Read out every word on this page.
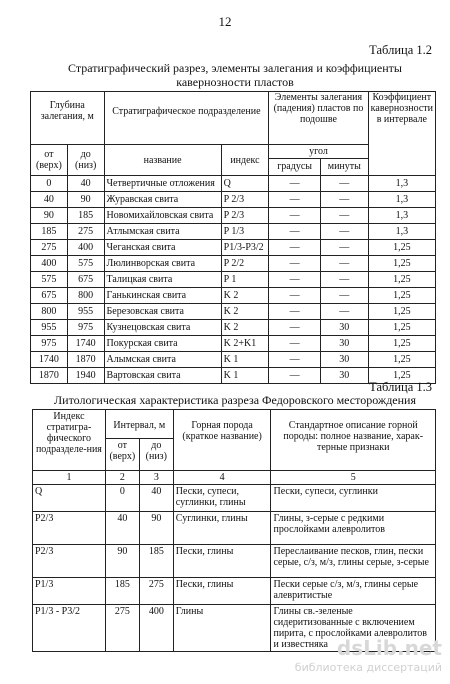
12
Таблица 1.2
Стратиграфический разрез, элементы залегания и коэффициенты
кавернозности пластов
Глубина залегания, м		Стратиграфическое подразделение		Элементы залегания (падения) пластов по подошве		Коэффициент кавернозности в интервале
от (верх)	до (низ)	название	индекс	угол		
				градусы	минуты	
0	40	Четвертичные отложения	Q	—	—	1,3
40	90	Журавская свита	P 2/3	—	—	1,3
90	185	Новомихайловская свита	P 2/3	—	—	1,3
185	275	Атлымская свита	P 1/3	—	—	1,3
275	400	Чеганская свита	P1/3-P3/2	—	—	1,25
400	575	Люлинворская свита	P 2/2	—	—	1,25
575	675	Талицкая свита	P 1	—	—	1,25
675	800	Ганькинская свита	K 2	—	—	1,25
800	955	Березовская свита	K 2	—	—	1,25
955	975	Кузнецовская свита	K 2	—	30	1,25
975	1740	Покурская свита	K 2+K1	—	30	1,25
1740	1870	Алымская свита	K 1	—	30	1,25
1870	1940	Вартовская свита	K 1	—	30	1,25
Таблица 1.3
Литологическая характеристика разреза Федоровского месторождения
Индекс стратигра-фического подразделе-ния	Интервал, м		Горная порода (краткое название)	Стандартное описание горной породы: полное название, харак-терные признаки
	от (верх)	до (низ)		
1	2	3	4	5
Q	0	40	Пески, супеси, суглинки, глины	Пески, супеси, суглинки
P2/3	40	90	Суглинки, глины	Глины, з-серые с редкими прослойками алевролитов
P2/3	90	185	Пески, глины	Переслаивание песков, глин, пески серые, с/з, м/з, глины серые, з-серые
P1/3	185	275	Пески, глины	Пески серые с/з, м/з, глины серые алевритистые
P1/3 - P3/2	275	400	Глины	Глины св.-зеленые сидеритизованные с включением пирита, с прослойками алевролитов и известняка dsLib.net
библиотека диссертаций
